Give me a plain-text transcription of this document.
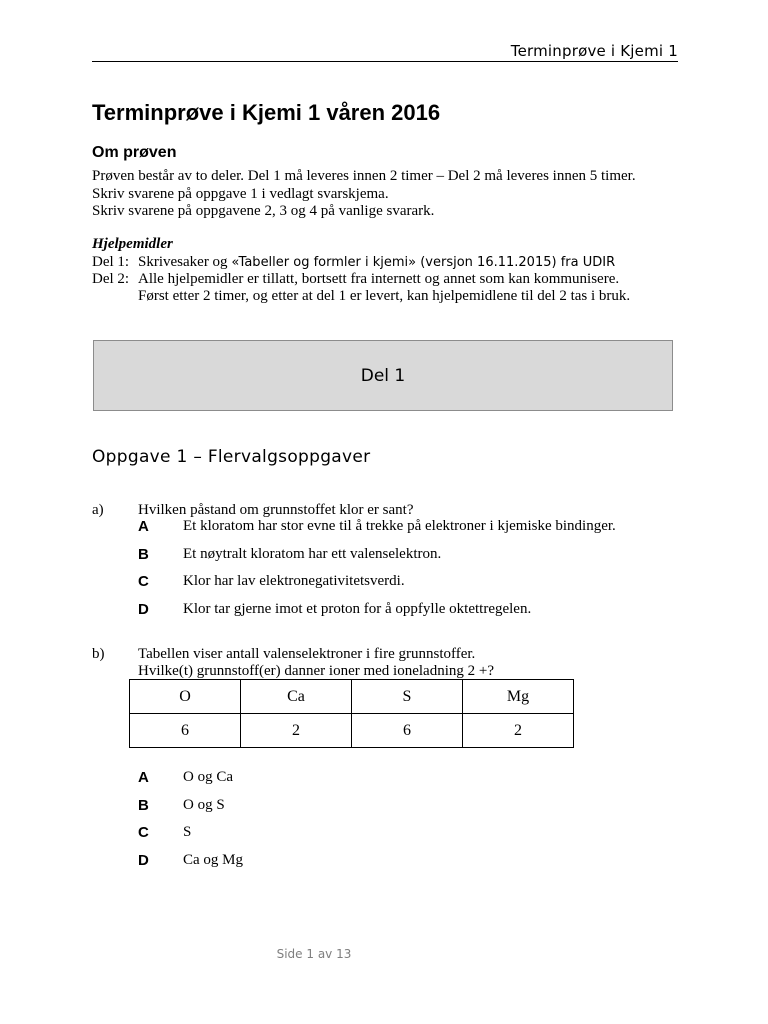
Terminprøve i Kjemi 1
Terminprøve i Kjemi 1 våren 2016
Om prøven
Prøven består av to deler. Del 1 må leveres innen 2 timer – Del 2 må leveres innen 5 timer.
Skriv svarene på oppgave 1 i vedlagt svarskjema.
Skriv svarene på oppgavene 2, 3 og 4 på vanlige svarark.
Hjelpemidler
Del 1: Skrivesaker og «Tabeller og formler i kjemi» (versjon 16.11.2015) fra UDIR
Del 2: Alle hjelpemidler er tillatt, bortsett fra internett og annet som kan kommunisere.
Først etter 2 timer, og etter at del 1 er levert, kan hjelpemidlene til del 2 tas i bruk.
Del 1
Oppgave 1 – Flervalgsoppgaver
a) Hvilken påstand om grunnstoffet klor er sant?
A Et kloratom har stor evne til å trekke på elektroner i kjemiske bindinger.
B Et nøytralt kloratom har ett valenselektron.
C Klor har lav elektronegativitetsverdi.
D Klor tar gjerne imot et proton for å oppfylle oktettregelen.
b) Tabellen viser antall valenselektroner i fire grunnstoffer.
Hvilke(t) grunnstoff(er) danner ioner med ioneladning 2 +?
O	Ca	S	Mg
6	2	6	2
A O og Ca
B O og S
C S
D Ca og Mg
Side 1 av 13
